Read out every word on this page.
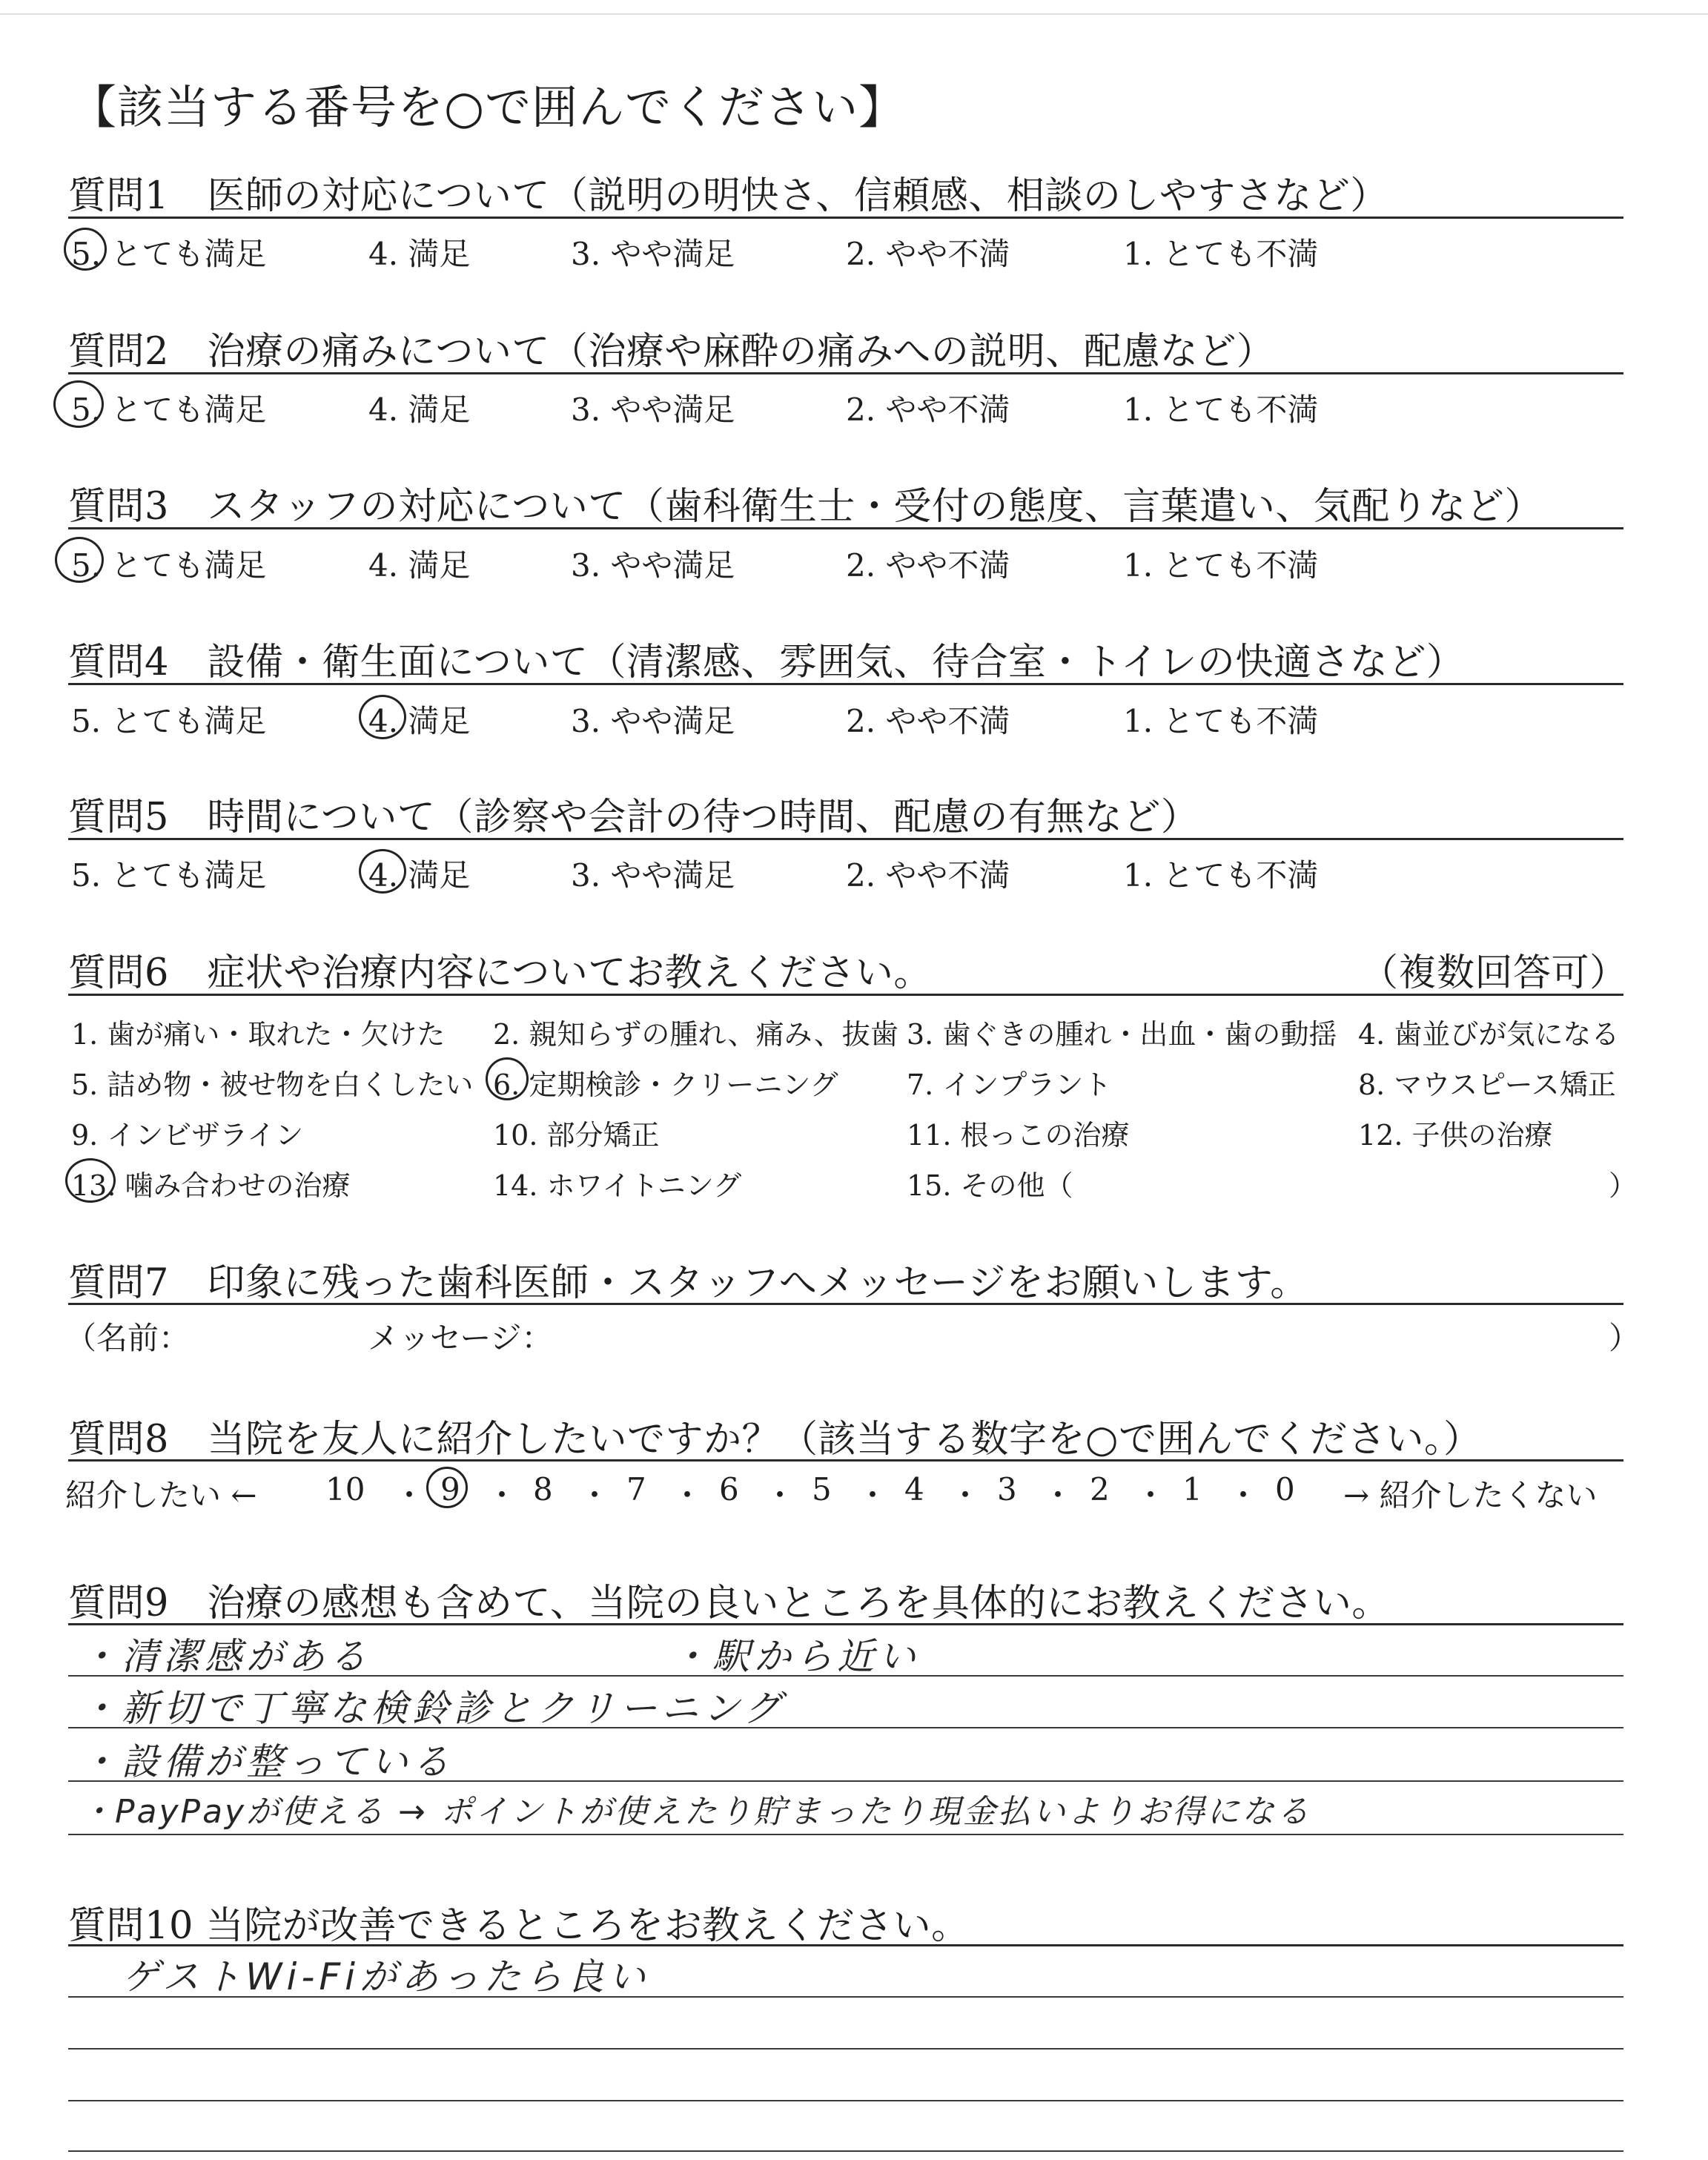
【該当する番号を○で囲んでください】
質問1　医師の対応について（説明の明快さ、信頼感、相談のしやすさなど）
5. とても満足	4. 満足	3. やや満足	2. やや不満	1. とても不満
質問2　治療の痛みについて（治療や麻酔の痛みへの説明、配慮など）
5. とても満足	4. 満足	3. やや満足	2. やや不満	1. とても不満
質問3　スタッフの対応について（歯科衛生士・受付の態度、言葉遣い、気配りなど）
5. とても満足	4. 満足	3. やや満足	2. やや不満	1. とても不満
質問4　設備・衛生面について（清潔感、雰囲気、待合室・トイレの快適さなど）
5. とても満足	4. 満足	3. やや満足	2. やや不満	1. とても不満
質問5　時間について（診察や会計の待つ時間、配慮の有無など）
5. とても満足	4. 満足	3. やや満足	2. やや不満	1. とても不満
質問6　症状や治療内容についてお教えください。	（複数回答可）
1. 歯が痛い・取れた・欠けた 2. 親知らずの腫れ、痛み、抜歯 3. 歯ぐきの腫れ・出血・歯の動揺 4. 歯並びが気になる
5. 詰め物・被せ物を白くしたい 6. 定期検診・クリーニング 7. インプラント	8. マウスピース矯正
9. インビザライン	10. 部分矯正	11. 根っこの治療	12. 子供の治療
13. 噛み合わせの治療	14. ホワイトニング	15. その他（	）
質問7　印象に残った歯科医師・スタッフへメッセージをお願いします。
（名前：	メッセージ：	）
質問8　当院を友人に紹介したいですか？（該当する数字を○で囲んでください。）
紹介したい ←	→ 紹介したくない
10 ・ 9 ・ 8 ・ 7 ・ 6 ・ 5 ・ 4 ・ 3 ・ 2 ・ 1 ・ 0
質問9　治療の感想も含めて、当院の良いところを具体的にお教えください。
・清潔感がある	・駅から近い
・新切で丁寧な検鈴診とクリーニング
・設備が整っている
・PayPayが使える → ポイントが使えたり貯まったり現金払いよりお得になる
質問10 当院が改善できるところをお教えください。
ゲストWi-Fiがあったら良い
